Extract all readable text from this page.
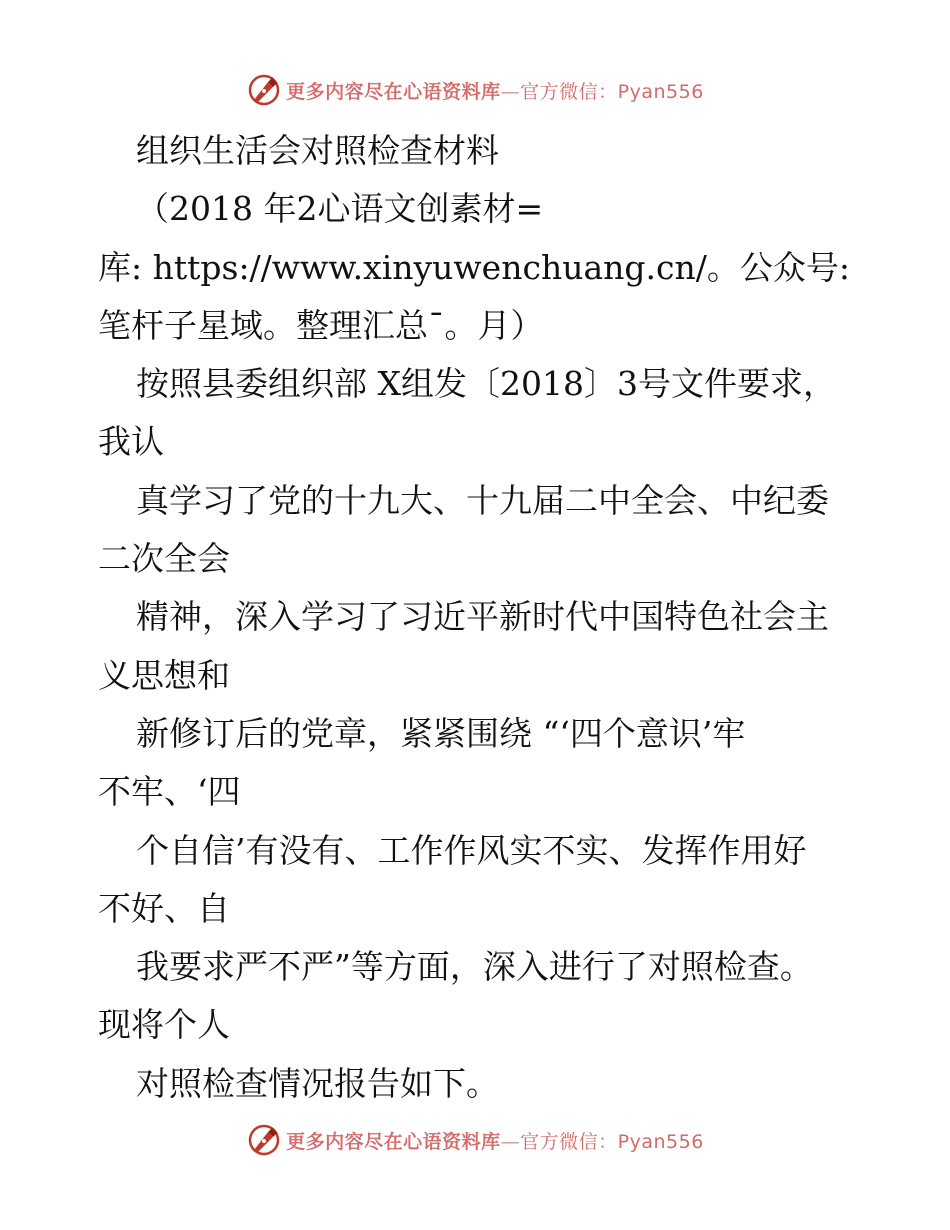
更多内容尽在心语资料库—官方微信：Pyan556
组织生活会对照检查材料
（2018 年2心语文创素材=
库: https://www.xinyuwenchuang.cn/。公众号:
笔杆子星域。整理汇总¯。月）
按照县委组织部 X组发〔2018〕3号文件要求，
我认
真学习了党的十九大、十九届二中全会、中纪委
二次全会
精神，深入学习了习近平新时代中国特色社会主
义思想和
新修订后的党章，紧紧围绕 “‘四个意识’牢
不牢、‘四
个自信’有没有、工作作风实不实、发挥作用好
不好、自
我要求严不严”等方面，深入进行了对照检查。
现将个人
对照检查情况报告如下。
更多内容尽在心语资料库—官方微信：Pyan556
